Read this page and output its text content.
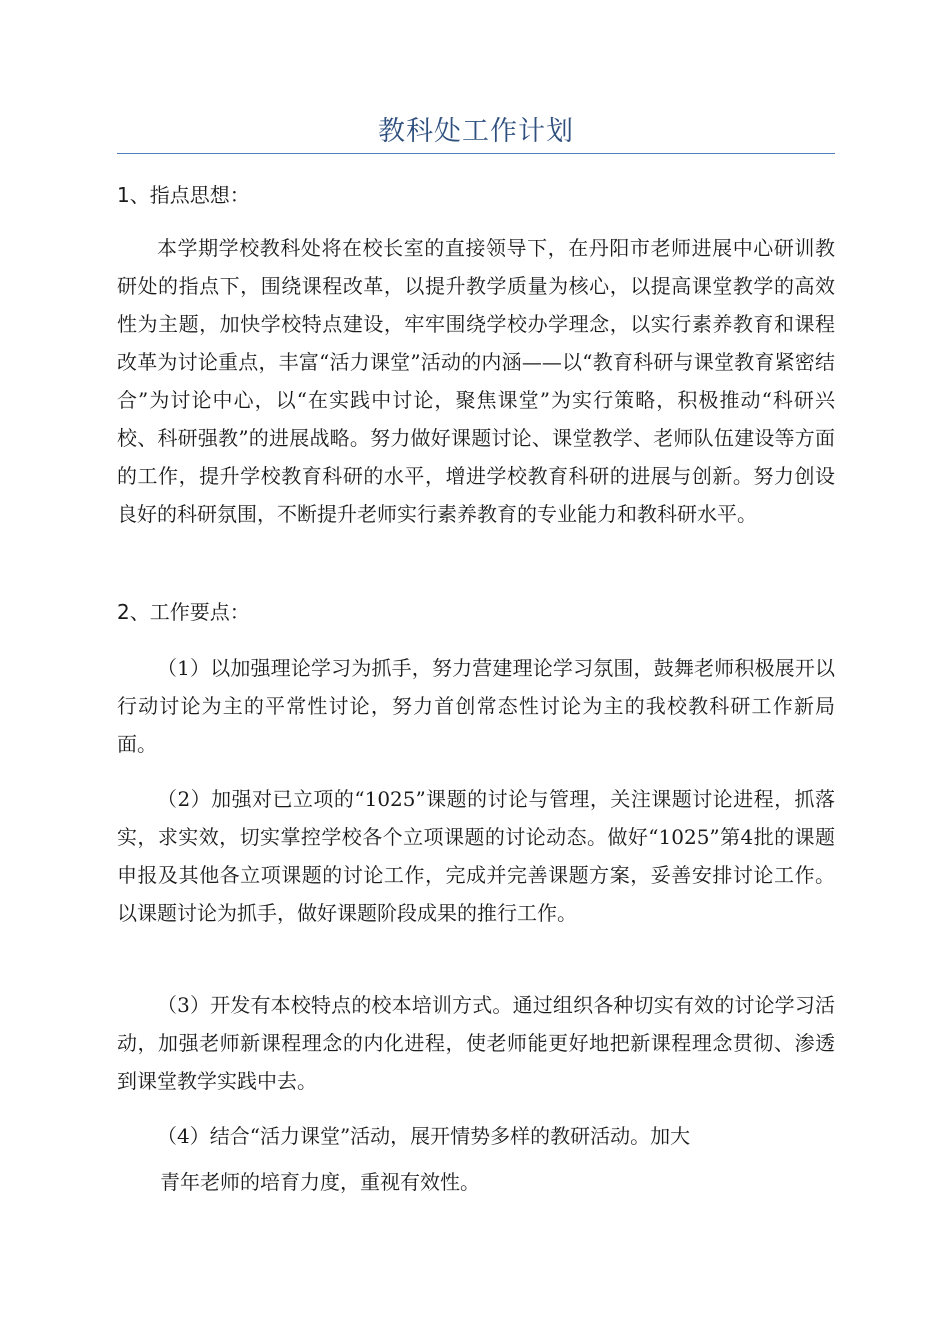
教科处工作计划
1、指点思想：

本学期学校教科处将在校长室的直接领导下，在丹阳市老师进展中心研训教研处的指点下，围绕课程改革，以提升教学质量为核心，以提高课堂教学的高效性为主题，加快学校特点建设，牢牢围绕学校办学理念，以实行素养教育和课程改革为讨论重点，丰富“活力课堂”活动的内涵——以“教育科研与课堂教育紧密结合”为讨论中心，以“在实践中讨论，聚焦课堂”为实行策略，积极推动“科研兴校、科研强教”的进展战略。努力做好课题讨论、课堂教学、老师队伍建设等方面的工作，提升学校教育科研的水平，增进学校教育科研的进展与创新。努力创设良好的科研氛围，不断提升老师实行素养教育的专业能力和教科研水平。

2、工作要点：

（1）以加强理论学习为抓手，努力营建理论学习氛围，鼓舞老师积极展开以行动讨论为主的平常性讨论，努力首创常态性讨论为主的我校教科研工作新局面。

（2）加强对已立项的“1025”课题的讨论与管理，关注课题讨论进程，抓落实，求实效，切实掌控学校各个立项课题的讨论动态。做好“1025”第4批的课题申报及其他各立项课题的讨论工作，完成并完善课题方案，妥善安排讨论工作。以课题讨论为抓手，做好课题阶段成果的推行工作。

（3）开发有本校特点的校本培训方式。通过组织各种切实有效的讨论学习活动，加强老师新课程理念的内化进程，使老师能更好地把新课程理念贯彻、渗透到课堂教学实践中去。

（4）结合“活力课堂”活动，展开情势多样的教研活动。加大

青年老师的培育力度，重视有效性。
